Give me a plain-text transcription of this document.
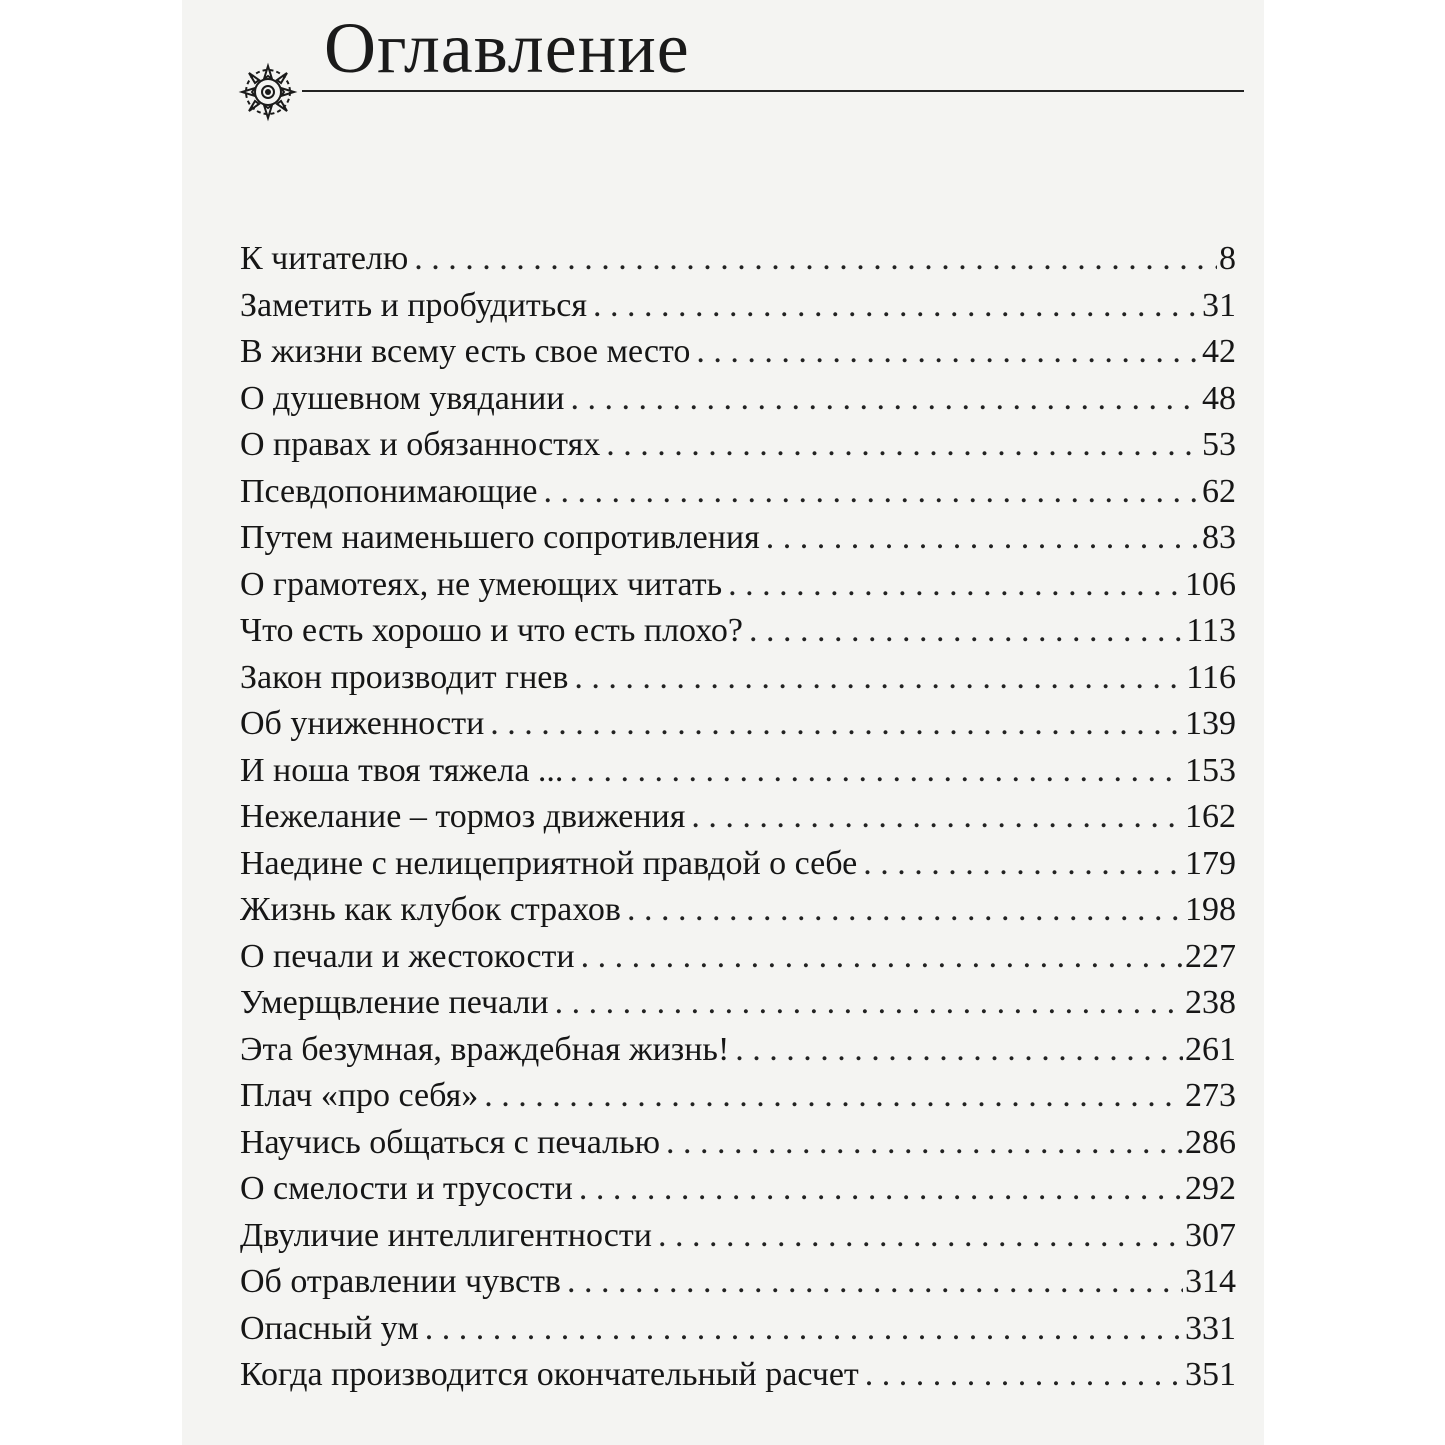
Оглавление
К читателю . . .	8
Заметить и пробудиться . . .	31
В жизни всему есть свое место . . .	42
О душевном увядании . . .	48
О правах и обязанностях . . .	53
Псевдопонимающие . . .	62
Путем наименьшего сопротивления . . .	83
О грамотеях, не умеющих читать . . .	106
Что есть хорошо и что есть плохо? . . .	113
Закон производит гнев . . .	116
Об униженности . . .	139
И ноша твоя тяжела ... . . .	153
Нежелание – тормоз движения . . .	162
Наедине с нелицеприятной правдой о себе . . .	179
Жизнь как клубок страхов . . .	198
О печали и жестокости . . .	227
Умерщвление печали . . .	238
Эта безумная, враждебная жизнь! . . .	261
Плач «про себя» . . .	273
Научись общаться с печалью . . .	286
О смелости и трусости . . .	292
Двуличие интеллигентности . . .	307
Об отравлении чувств . . .	314
Опасный ум . . .	331
Когда производится окончательный расчет . . .	351
